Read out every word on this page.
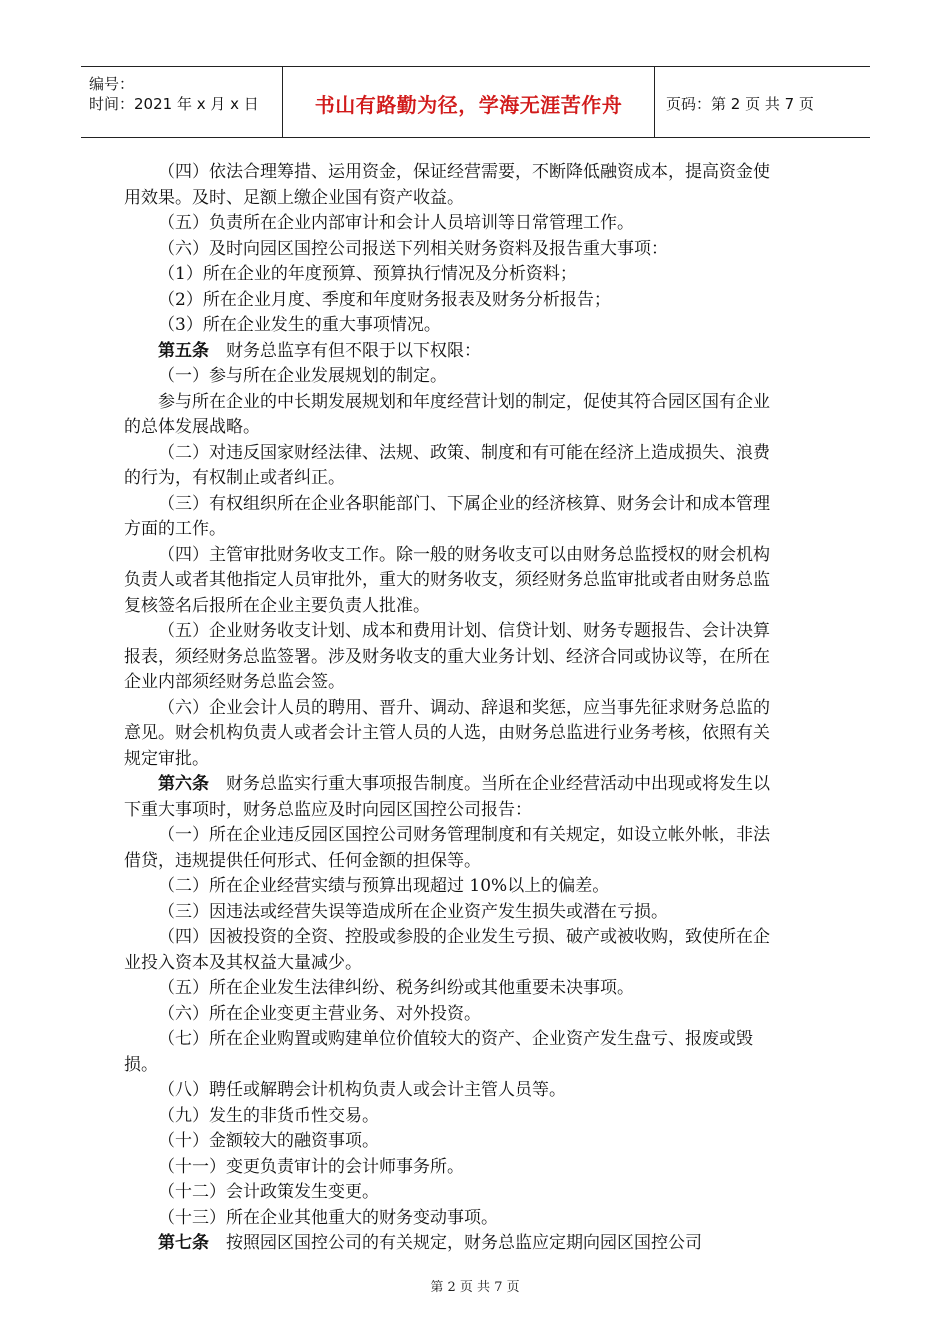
编号：
时间：2021 年 x 月 x 日	书山有路勤为径，学海无涯苦作舟	页码：第 2 页 共 7 页

（四）依法合理筹措、运用资金，保证经营需要，不断降低融资成本，提高资金使用效果。及时、足额上缴企业国有资产收益。

（五）负责所在企业内部审计和会计人员培训等日常管理工作。

（六）及时向园区国控公司报送下列相关财务资料及报告重大事项：

（1）所在企业的年度预算、预算执行情况及分析资料；

（2）所在企业月度、季度和年度财务报表及财务分析报告；

（3）所在企业发生的重大事项情况。

第五条　 财务总监享有但不限于以下权限：

（一）参与所在企业发展规划的制定。

参与所在企业的中长期发展规划和年度经营计划的制定，促使其符合园区国有企业的总体发展战略。

（二）对违反国家财经法律、法规、政策、制度和有可能在经济上造成损失、浪费的行为，有权制止或者纠正。

（三）有权组织所在企业各职能部门、下属企业的经济核算、财务会计和成本管理方面的工作。

（四）主管审批财务收支工作。除一般的财务收支可以由财务总监授权的财会机构负责人或者其他指定人员审批外，重大的财务收支，须经财务总监审批或者由财务总监复核签名后报所在企业主要负责人批准。

（五）企业财务收支计划、成本和费用计划、信贷计划、财务专题报告、会计决算报表，须经财务总监签署。涉及财务收支的重大业务计划、经济合同或协议等，在所在企业内部须经财务总监会签。

（六）企业会计人员的聘用、晋升、调动、辞退和奖惩，应当事先征求财务总监的意见。财会机构负责人或者会计主管人员的人选，由财务总监进行业务考核，依照有关规定审批。

第六条　 财务总监实行重大事项报告制度。当所在企业经营活动中出现或将发生以下重大事项时，财务总监应及时向园区国控公司报告：

（一）所在企业违反园区国控公司财务管理制度和有关规定，如设立帐外帐，非法借贷，违规提供任何形式、任何金额的担保等。

（二）所在企业经营实绩与预算出现超过 10%以上的偏差。

（三）因违法或经营失误等造成所在企业资产发生损失或潜在亏损。

（四）因被投资的全资、控股或参股的企业发生亏损、破产或被收购，致使所在企业投入资本及其权益大量减少。

（五）所在企业发生法律纠纷、税务纠纷或其他重要未决事项。

（六）所在企业变更主营业务、对外投资。

（七）所在企业购置或购建单位价值较大的资产、企业资产发生盘亏、报废或毁损。

（八）聘任或解聘会计机构负责人或会计主管人员等。

（九）发生的非货币性交易。

（十）金额较大的融资事项。

（十一）变更负责审计的会计师事务所。

（十二）会计政策发生变更。

（十三）所在企业其他重大的财务变动事项。

第七条　 按照园区国控公司的有关规定，财务总监应定期向园区国控公司

第 2 页 共 7 页
